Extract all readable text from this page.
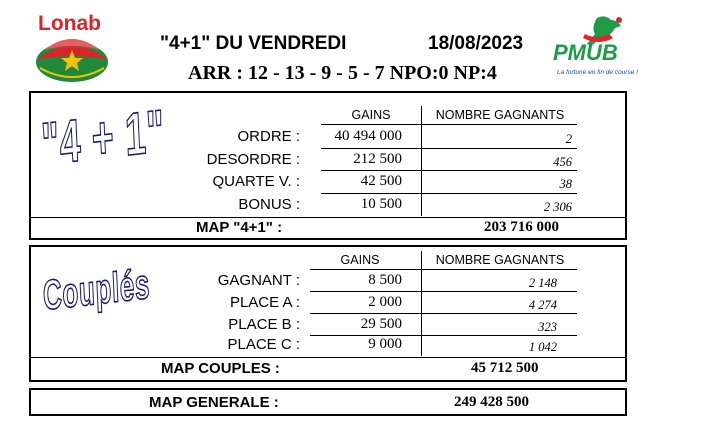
Lonab
"4+1" DU VENDREDI	18/08/2023
ARR : 12 - 13 - 9 - 5 - 7 NPO:0 NP:4
PMUB
La fortune en fin de course !
"4 + 1"	GAINS	NOMBRE GAGNANTS
ORDRE :	40 494 000	2
DESORDRE :	212 500	456
QUARTE V. :	42 500	38
BONUS :	10 500	2 306
MAP "4+1" :	203 716 000
Couplés	GAINS	NOMBRE GAGNANTS
GAGNANT :	8 500	2 148
PLACE A :	2 000	4 274
PLACE B :	29 500	323
PLACE C :	9 000	1 042
MAP COUPLES :	45 712 500
MAP GENERALE :	249 428 500
